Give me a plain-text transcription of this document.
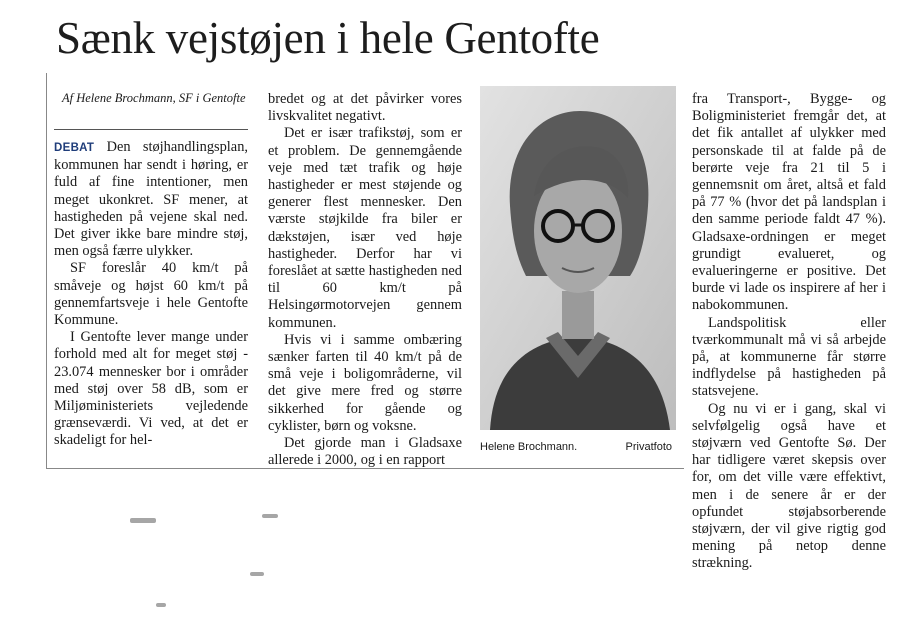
Sænk vejstøjen i hele Gentofte
Af Helene Brochmann, SF i Gentofte

DEBAT Den støjhandlingsplan, kommunen har sendt i høring, er fuld af fine intentioner, men meget ukonkret. SF mener, at hastigheden på vejene skal ned. Det giver ikke bare mindre støj, men også færre ulykker.

SF foreslår 40 km/t på småveje og højst 60 km/t på gennemfartsveje i hele Gentofte Kommune.

I Gentofte lever mange under forhold med alt for meget støj - 23.074 mennesker bor i områder med støj over 58 dB, som er Miljøministeriets vejledende grænseværdi. Vi ved, at det er skadeligt for hel-

bredet og at det påvirker vores livskvalitet negativt.

Det er især trafikstøj, som er et problem. De gennemgående veje med tæt trafik og høje hastigheder er mest støjende og generer flest mennesker. Den værste støjkilde fra biler er dækstøjen, især ved høje hastigheder. Derfor har vi foreslået at sætte hastigheden ned til 60 km/t på Helsingørmotorvejen gennem kommunen.

Hvis vi i samme ombæring sænker farten til 40 km/t på de små veje i boligområderne, vil det give mere fred og større sikkerhed for gående og cyklister, børn og voksne.

Det gjorde man i Gladsaxe allerede i 2000, og i en rapport

Helene Brochmann.	Privatfoto

fra Transport-, Bygge- og Boligministeriet fremgår det, at det fik antallet af ulykker med personskade til at falde på de berørte veje fra 21 til 5 i gennemsnit om året, altså et fald på 77 % (hvor det på landsplan i den samme periode faldt 47 %). Gladsaxe-ordningen er meget grundigt evalueret, og evalueringerne er positive. Det burde vi lade os inspirere af her i nabokommunen.

Landspolitisk eller tværkommunalt må vi så arbejde på, at kommunerne får større indflydelse på hastigheden på statsvejene.

Og nu vi er i gang, skal vi selvfølgelig også have et støjværn ved Gentofte Sø. Der har tidligere været skepsis over for, om det ville være effektivt, men i de senere år er der opfundet støjabsorberende støjværn, der vil give rigtig god mening på netop denne strækning.
